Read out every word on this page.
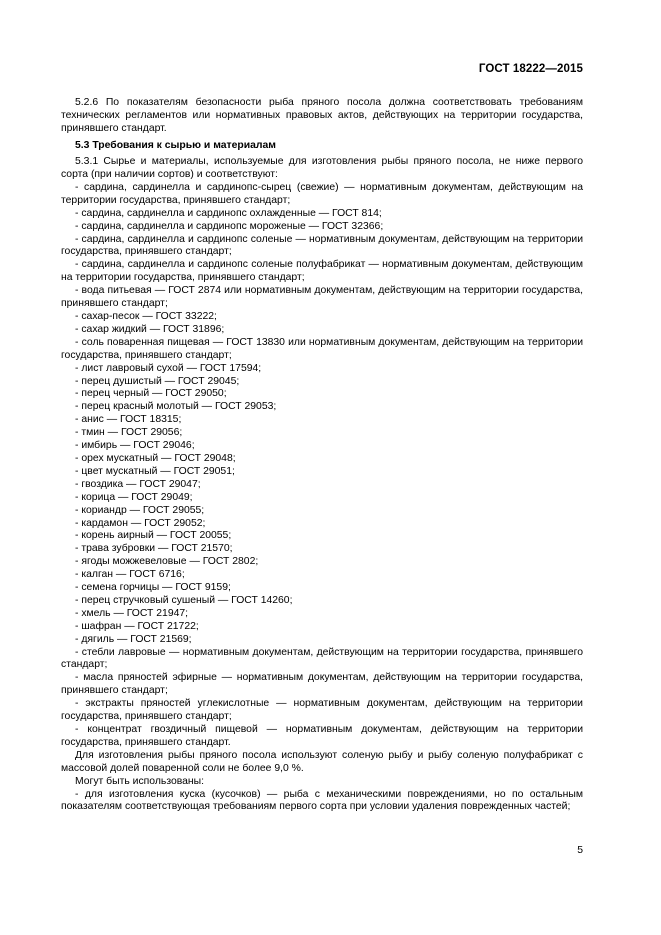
ГОСТ 18222—2015

5.2.6 По показателям безопасности рыба пряного посола должна соответствовать требованиям технических регламентов или нормативных правовых актов, действующих на территории государства, принявшего стандарт.

5.3 Требования к сырью и материалам

5.3.1 Сырье и материалы, используемые для изготовления рыбы пряного посола, не ниже первого сорта (при наличии сортов) и соответствуют:

- сардина, сардинелла и сардинопс-сырец (свежие) — нормативным документам, действующим на территории государства, принявшего стандарт;

- сардина, сардинелла и сардинопс охлажденные — ГОСТ 814;

- сардина, сардинелла и сардинопс мороженые — ГОСТ 32366;

- сардина, сардинелла и сардинопс соленые — нормативным документам, действующим на территории государства, принявшего стандарт;

- сардина, сардинелла и сардинопс соленые полуфабрикат — нормативным документам, действующим на территории государства, принявшего стандарт;

- вода питьевая — ГОСТ 2874 или нормативным документам, действующим на территории государства, принявшего стандарт;

- сахар-песок — ГОСТ 33222;

- сахар жидкий — ГОСТ 31896;

- соль поваренная пищевая — ГОСТ 13830 или нормативным документам, действующим на территории государства, принявшего стандарт;

- лист лавровый сухой — ГОСТ 17594;

- перец душистый — ГОСТ 29045;

- перец черный — ГОСТ 29050;

- перец красный молотый — ГОСТ 29053;

- анис — ГОСТ 18315;

- тмин — ГОСТ 29056;

- имбирь — ГОСТ 29046;

- орех мускатный — ГОСТ 29048;

- цвет мускатный — ГОСТ 29051;

- гвоздика — ГОСТ 29047;

- корица — ГОСТ 29049;

- кориандр — ГОСТ 29055;

- кардамон — ГОСТ 29052;

- корень аирный — ГОСТ 20055;

- трава зубровки — ГОСТ 21570;

- ягоды можжевеловые — ГОСТ 2802;

- калган — ГОСТ 6716;

- семена горчицы — ГОСТ 9159;

- перец стручковый сушеный — ГОСТ 14260;

- хмель — ГОСТ 21947;

- шафран — ГОСТ 21722;

- дягиль — ГОСТ 21569;

- стебли лавровые — нормативным документам, действующим на территории государства, принявшего стандарт;

- масла пряностей эфирные — нормативным документам, действующим на территории государства, принявшего стандарт;

- экстракты пряностей углекислотные — нормативным документам, действующим на территории государства, принявшего стандарт;

- концентрат гвоздичный пищевой — нормативным документам, действующим на территории государства, принявшего стандарт.

Для изготовления рыбы пряного посола используют соленую рыбу и рыбу соленую полуфабрикат с массовой долей поваренной соли не более 9,0 %.

Могут быть использованы:

- для изготовления куска (кусочков) — рыба с механическими повреждениями, но по остальным показателям соответствующая требованиям первого сорта при условии удаления поврежденных частей;

5
